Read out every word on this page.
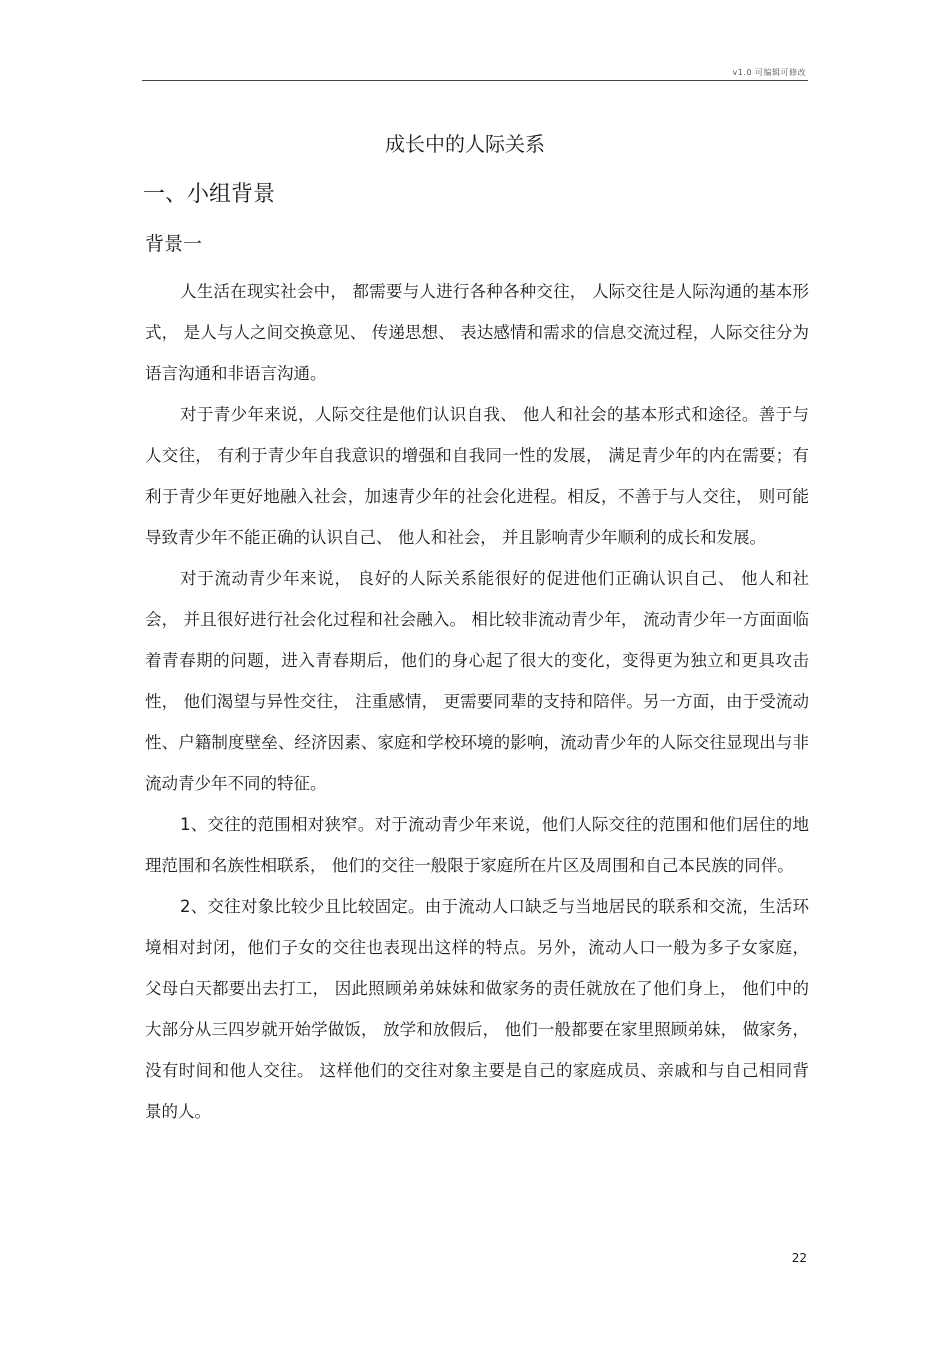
v1.0 可编辑可修改
成长中的人际关系
一、小组背景
背景一

人生活在现实社会中， 都需要与人进行各种各种交往， 人际交往是人际沟通的基本形式， 是人与人之间交换意见、 传递思想、 表达感情和需求的信息交流过程，人际交往分为语言沟通和非语言沟通。

对于青少年来说，人际交往是他们认识自我、 他人和社会的基本形式和途径。善于与人交往， 有利于青少年自我意识的增强和自我同一性的发展， 满足青少年的内在需要；有利于青少年更好地融入社会，加速青少年的社会化进程。相反，不善于与人交往， 则可能导致青少年不能正确的认识自己、 他人和社会， 并且影响青少年顺利的成长和发展。

对于流动青少年来说， 良好的人际关系能很好的促进他们正确认识自己、 他人和社会， 并且很好进行社会化过程和社会融入。 相比较非流动青少年， 流动青少年一方面面临着青春期的问题，进入青春期后，他们的身心起了很大的变化，变得更为独立和更具攻击性， 他们渴望与异性交往， 注重感情， 更需要同辈的支持和陪伴。另一方面，由于受流动性、户籍制度壁垒、经济因素、家庭和学校环境的影响，流动青少年的人际交往显现出与非流动青少年不同的特征。

1、交往的范围相对狭窄。对于流动青少年来说，他们人际交往的范围和他们居住的地理范围和名族性相联系， 他们的交往一般限于家庭所在片区及周围和自己本民族的同伴。

2、交往对象比较少且比较固定。由于流动人口缺乏与当地居民的联系和交流，生活环境相对封闭，他们子女的交往也表现出这样的特点。另外，流动人口一般为多子女家庭， 父母白天都要出去打工， 因此照顾弟弟妹妹和做家务的责任就放在了他们身上， 他们中的大部分从三四岁就开始学做饭， 放学和放假后， 他们一般都要在家里照顾弟妹， 做家务，没有时间和他人交往。 这样他们的交往对象主要是自己的家庭成员、亲戚和与自己相同背景的人。

22
